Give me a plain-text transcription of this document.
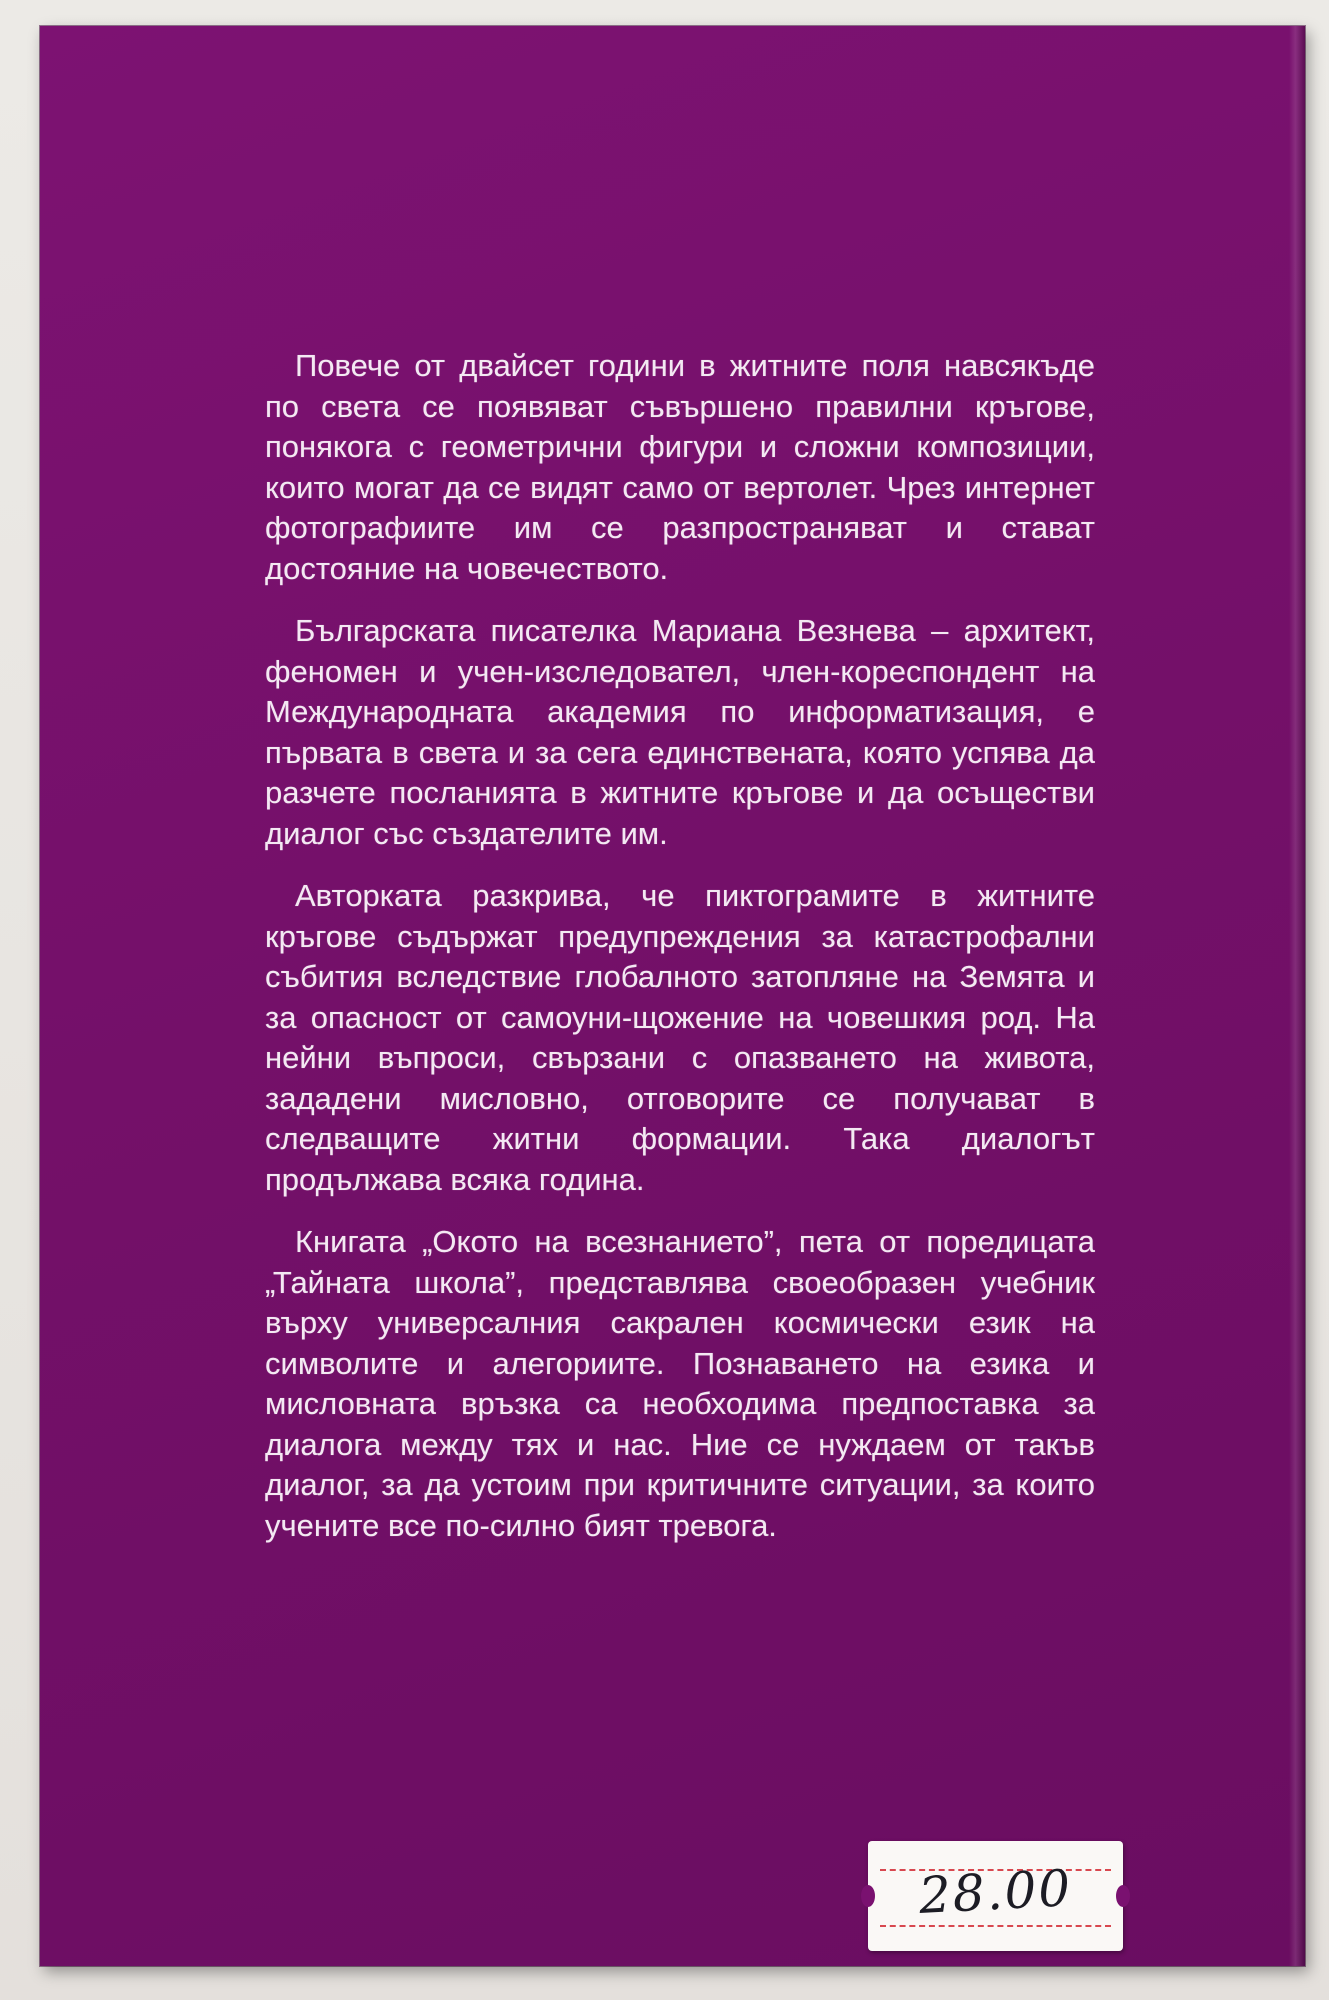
Повече от двайсет години в житните поля навсякъде по света се появяват съвършено правилни кръгове, понякога с геометрични фигури и сложни композиции, които могат да се видят само от вертолет. Чрез интернет фотографиите им се разпространяват и стават достояние на човечеството.

Българската писателка Мариана Везнева – архитект, феномен и учен-изследовател, член-кореспондент на Международната академия по информатизация, е първата в света и за сега единствената, която успява да разчете посланията в житните кръгове и да осъществи диалог със създателите им.

Авторката разкрива, че пиктограмите в житните кръгове съдържат предупреждения за катастрофални събития вследствие глобалното затопляне на Земята и за опасност от самоуни-щожение на човешкия род. На нейни въпроси, свързани с опазването на живота, зададени мисловно, отговорите се получават в следващите житни формации. Така диалогът продължава всяка година.

Книгата „Окото на всезнанието”, пета от поредицата „Тайната школа”, представлява своеобразен учебник върху универсалния сакрален космически език на символите и алегориите. Познаването на езика и мисловната връзка са необходима предпоставка за диалога между тях и нас. Ние се нуждаем от такъв диалог, за да устоим при критичните ситуации, за които учените все по-силно бият тревога.

28.00
